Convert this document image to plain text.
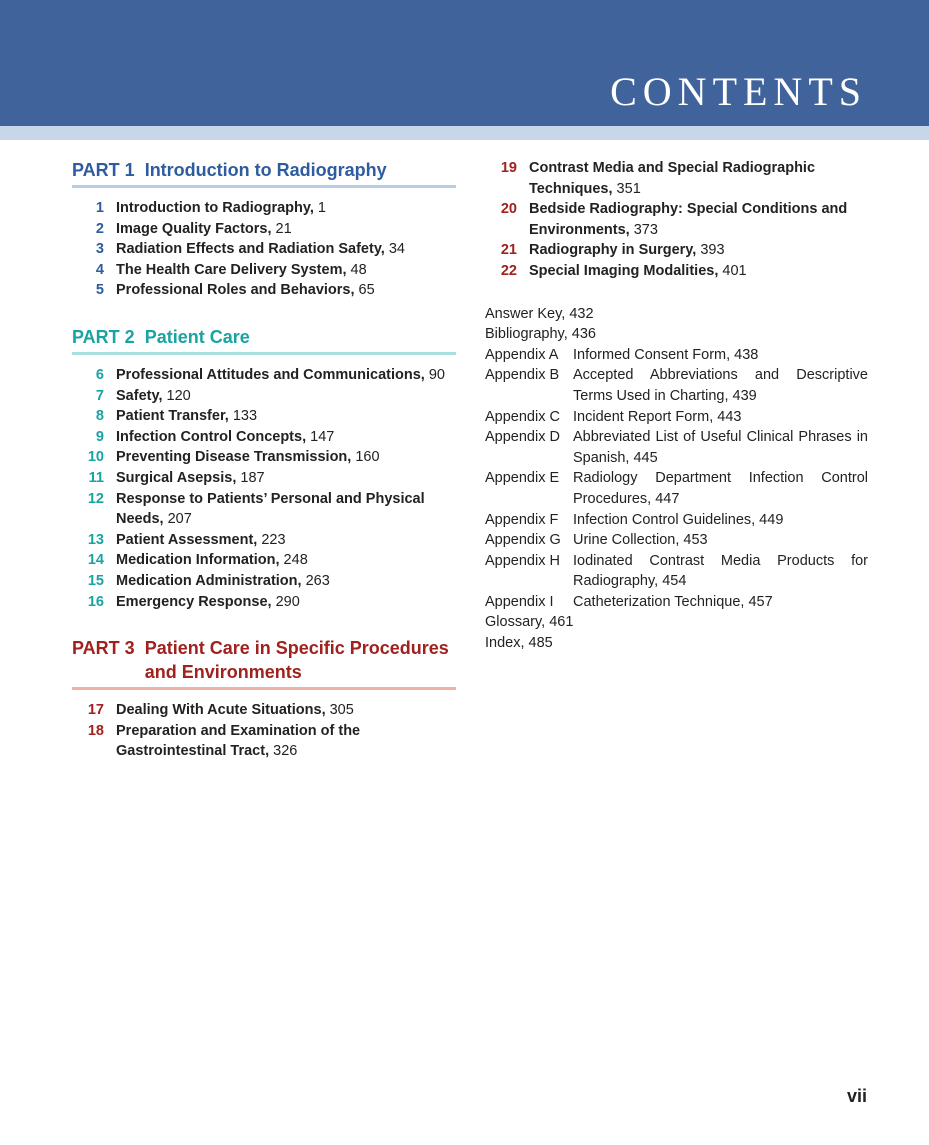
CONTENTS
PART 1 Introduction to Radiography
1 Introduction to Radiography, 1
2 Image Quality Factors, 21
3 Radiation Effects and Radiation Safety, 34
4 The Health Care Delivery System, 48
5 Professional Roles and Behaviors, 65
PART 2 Patient Care
6 Professional Attitudes and Communications, 90
7 Safety, 120
8 Patient Transfer, 133
9 Infection Control Concepts, 147
10 Preventing Disease Transmission, 160
11 Surgical Asepsis, 187
12 Response to Patients’ Personal and Physical Needs, 207
13 Patient Assessment, 223
14 Medication Information, 248
15 Medication Administration, 263
16 Emergency Response, 290
PART 3 Patient Care in Specific Procedures and Environments
17 Dealing With Acute Situations, 305
18 Preparation and Examination of the Gastrointestinal Tract, 326
19 Contrast Media and Special Radiographic Techniques, 351
20 Bedside Radiography: Special Conditions and Environments, 373
21 Radiography in Surgery, 393
22 Special Imaging Modalities, 401
Answer Key, 432
Bibliography, 436
Appendix A	Informed Consent Form, 438
Appendix B Accepted Abbreviations and Descriptive Terms Used in Charting, 439
Appendix C Incident Report Form, 443
Appendix D Abbreviated List of Useful Clinical Phrases in Spanish, 445
Appendix E Radiology Department Infection Control Procedures, 447
Appendix F	Infection Control Guidelines, 449
Appendix G Urine Collection, 453
Appendix H Iodinated Contrast Media Products for Radiography, 454
Appendix I	Catheterization Technique, 457
Glossary, 461
Index, 485
vii
